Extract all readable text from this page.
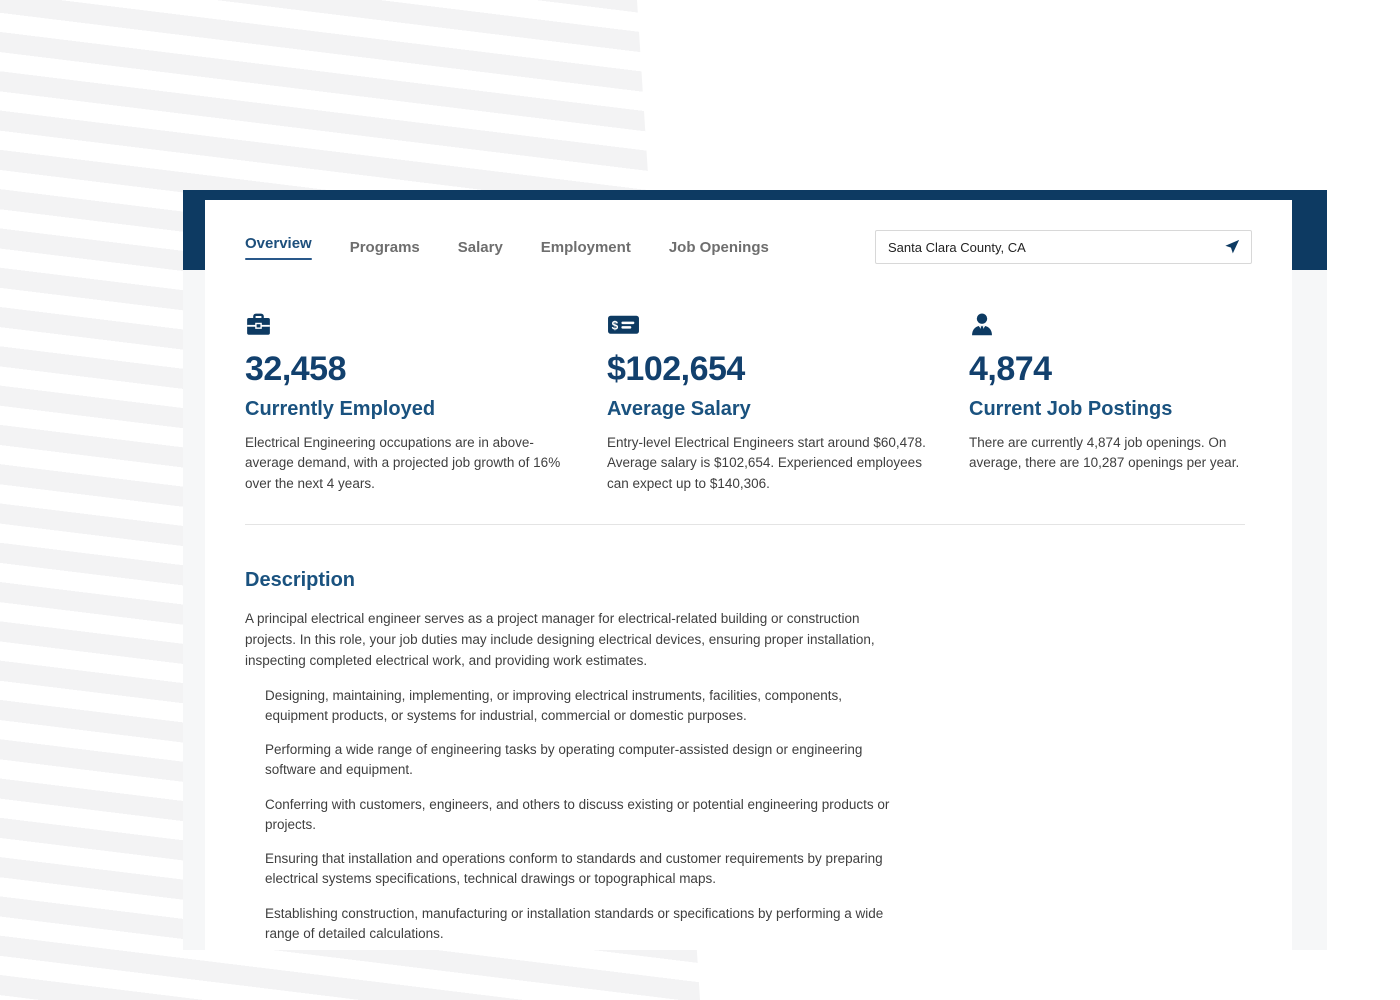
Overview	Programs	Salary	Employment	Job Openings
Santa Clara County, CA
32,458
Currently Employed

Electrical Engineering occupations are in above-average demand, with a projected job growth of 16% over the next 4 years.

$
$102,654
Average Salary

Entry-level Electrical Engineers start around $60,478. Average salary is $102,654. Experienced employees can expect up to $140,306.

4,874
Current Job Postings

There are currently 4,874 job openings. On average, there are 10,287 openings per year.

Description

A principal electrical engineer serves as a project manager for electrical-related building or construction projects. In this role, your job duties may include designing electrical devices, ensuring proper installation, inspecting completed electrical work, and providing work estimates.

Designing, maintaining, implementing, or improving electrical instruments, facilities, components, equipment products, or systems for industrial, commercial or domestic purposes.

Performing a wide range of engineering tasks by operating computer-assisted design or engineering software and equipment.

Conferring with customers, engineers, and others to discuss existing or potential engineering products or projects.

Ensuring that installation and operations conform to standards and customer requirements by preparing electrical systems specifications, technical drawings or topographical maps.

Establishing construction, manufacturing or installation standards or specifications by performing a wide range of detailed calculations.
